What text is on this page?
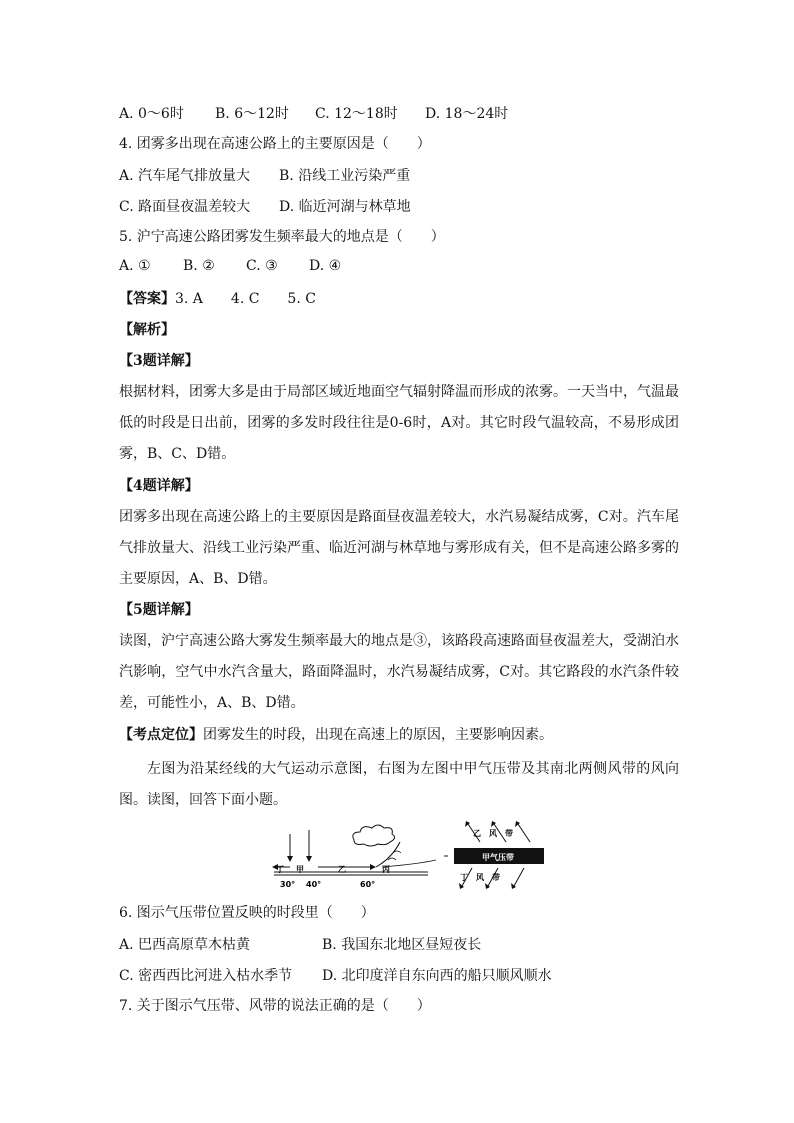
A. 0～6时 B. 6～12时 C. 12～18时 D. 18～24时
4. 团雾多出现在高速公路上的主要原因是（　　）
A. 汽车尾气排放量大 B. 沿线工业污染严重
C. 路面昼夜温差较大 D. 临近河湖与林草地
5. 沪宁高速公路团雾发生频率最大的地点是（　　）
A. ① B. ② C. ③ D. ④
【答案】3. A　　4. C　　5. C
【解析】
【3题详解】
根据材料，团雾大多是由于局部区域近地面空气辐射降温而形成的浓雾。一天当中，气温最低的时段是日出前，团雾的多发时段往往是0-6时，A对。其它时段气温较高，不易形成团雾，B、C、D错。
【4题详解】
团雾多出现在高速公路上的主要原因是路面昼夜温差较大，水汽易凝结成雾，C对。汽车尾气排放量大、沿线工业污染严重、临近河湖与林草地与雾形成有关，但不是高速公路多雾的主要原因，A、B、D错。
【5题详解】
读图，沪宁高速公路大雾发生频率最大的地点是③，该路段高速路面昼夜温差大，受湖泊水汽影响，空气中水汽含量大，路面降温时，水汽易凝结成雾，C对。其它路段的水汽条件较差，可能性小，A、B、D错。
【考点定位】团雾发生的时段，出现在高速上的原因，主要影响因素。
左图为沿某经线的大气运动示意图，右图为左图中甲气压带及其南北两侧风带的风向图。读图，回答下面小题。
丁 甲	乙	丙
30° 40°	60°
甲气压带
乙　风　带
丁　风　带
6. 图示气压带位置反映的时段里（　　）
A. 巴西高原草木枯黄	B. 我国东北地区昼短夜长
C. 密西西比河进入枯水季节 D. 北印度洋自东向西的船只顺风顺水
7. 关于图示气压带、风带的说法正确的是（　　）
